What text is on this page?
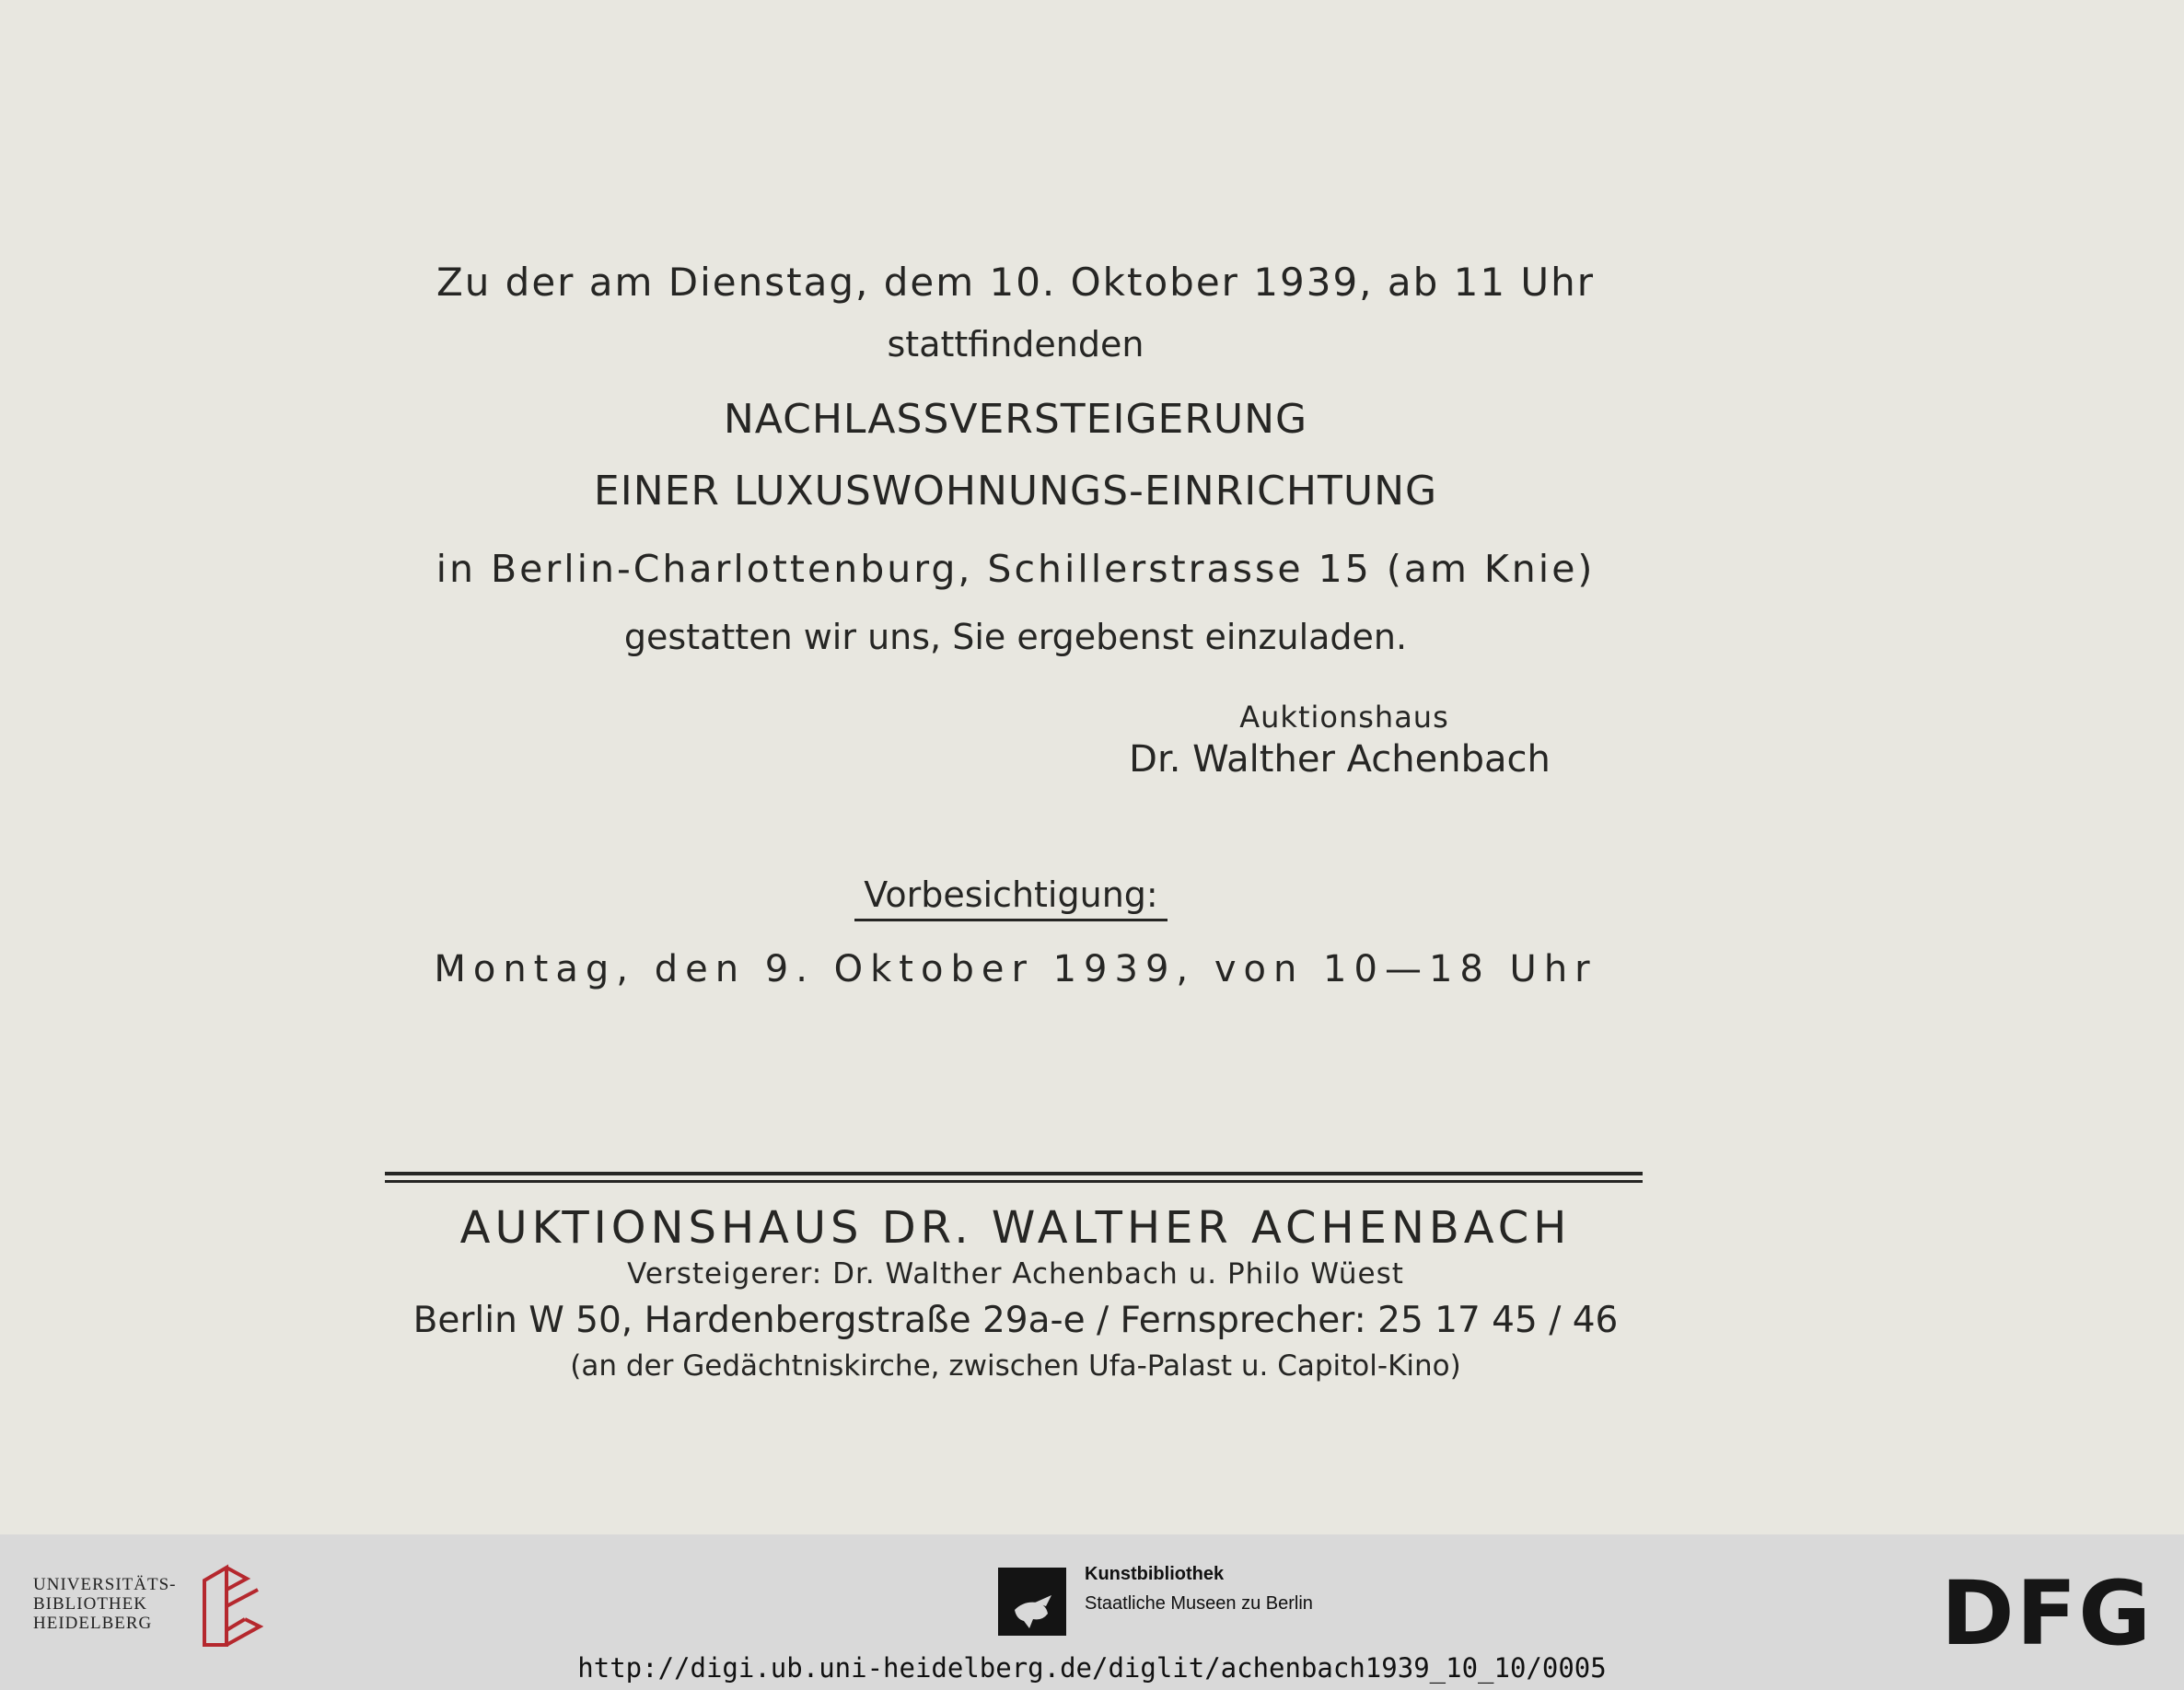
Zu der am Dienstag, dem 10. Oktober 1939, ab 11 Uhr
stattfindenden
NACHLASSVERSTEIGERUNG
EINER LUXUSWOHNUNGS-EINRICHTUNG
in Berlin-Charlottenburg, Schillerstrasse 15 (am Knie)
gestatten wir uns, Sie ergebenst einzuladen.
Auktionshaus
Dr. Walther Achenbach
Vorbesichtigung:
Montag, den 9. Oktober 1939, von 10—18 Uhr
AUKTIONSHAUS DR. WALTHER ACHENBACH
Versteigerer: Dr. Walther Achenbach u. Philo Wüest
Berlin W 50, Hardenbergstraße 29a-e / Fernsprecher: 25 17 45 / 46
(an der Gedächtniskirche, zwischen Ufa-Palast u. Capitol-Kino)
UNIVERSITÄTS-
BIBLIOTHEK
HEIDELBERG
Kunstbibliothek
Staatliche Museen zu Berlin	DFG
http://digi.ub.uni-heidelberg.de/diglit/achenbach1939_10_10/0005
